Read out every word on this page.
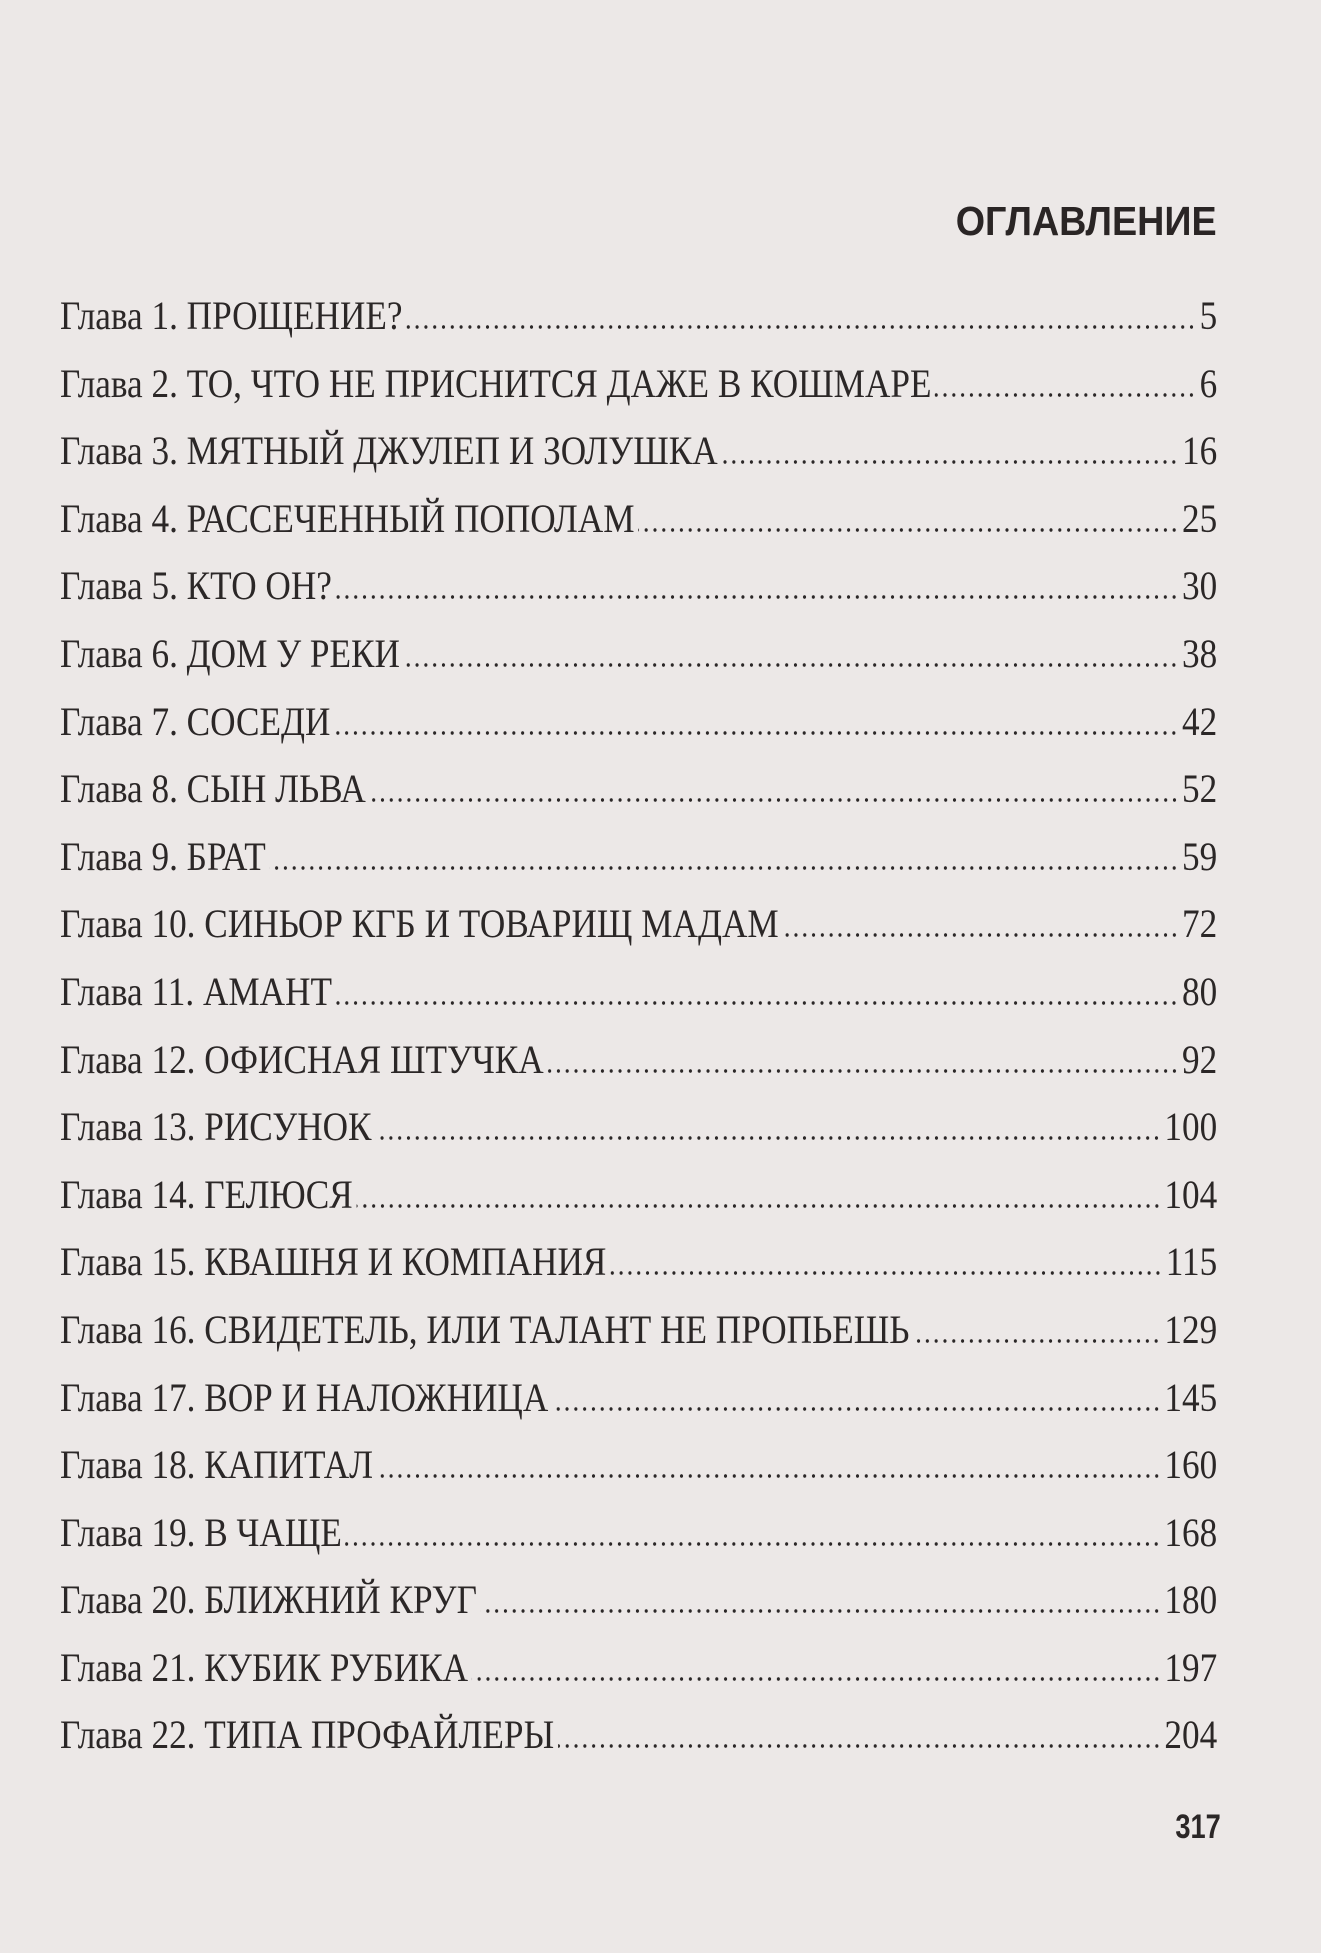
ОГЛАВЛЕНИЕ
Глава 1. ПРОЩЕНИЕ?	5
Глава 2. ТО, ЧТО НЕ ПРИСНИТСЯ ДАЖЕ В КОШМАРЕ	6
Глава 3. МЯТНЫЙ ДЖУЛЕП И ЗОЛУШКА	16
Глава 4. РАССЕЧЕННЫЙ ПОПОЛАМ	25
Глава 5. КТО ОН?	30
Глава 6. ДОМ У РЕКИ	38
Глава 7. СОСЕДИ	42
Глава 8. СЫН ЛЬВА	52
Глава 9. БРАТ	59
Глава 10. СИНЬОР КГБ И ТОВАРИЩ МАДАМ	72
Глава 11. АМАНТ	80
Глава 12. ОФИСНАЯ ШТУЧКА	92
Глава 13. РИСУНОК	100
Глава 14. ГЕЛЮСЯ	104
Глава 15. КВАШНЯ И КОМПАНИЯ	115
Глава 16. СВИДЕТЕЛЬ, ИЛИ ТАЛАНТ НЕ ПРОПЬЕШЬ	129
Глава 17. ВОР И НАЛОЖНИЦА	145
Глава 18. КАПИТАЛ	160
Глава 19. В ЧАЩЕ	168
Глава 20. БЛИЖНИЙ КРУГ	180
Глава 21. КУБИК РУБИКА	197
Глава 22. ТИПА ПРОФАЙЛЕРЫ	204
317
